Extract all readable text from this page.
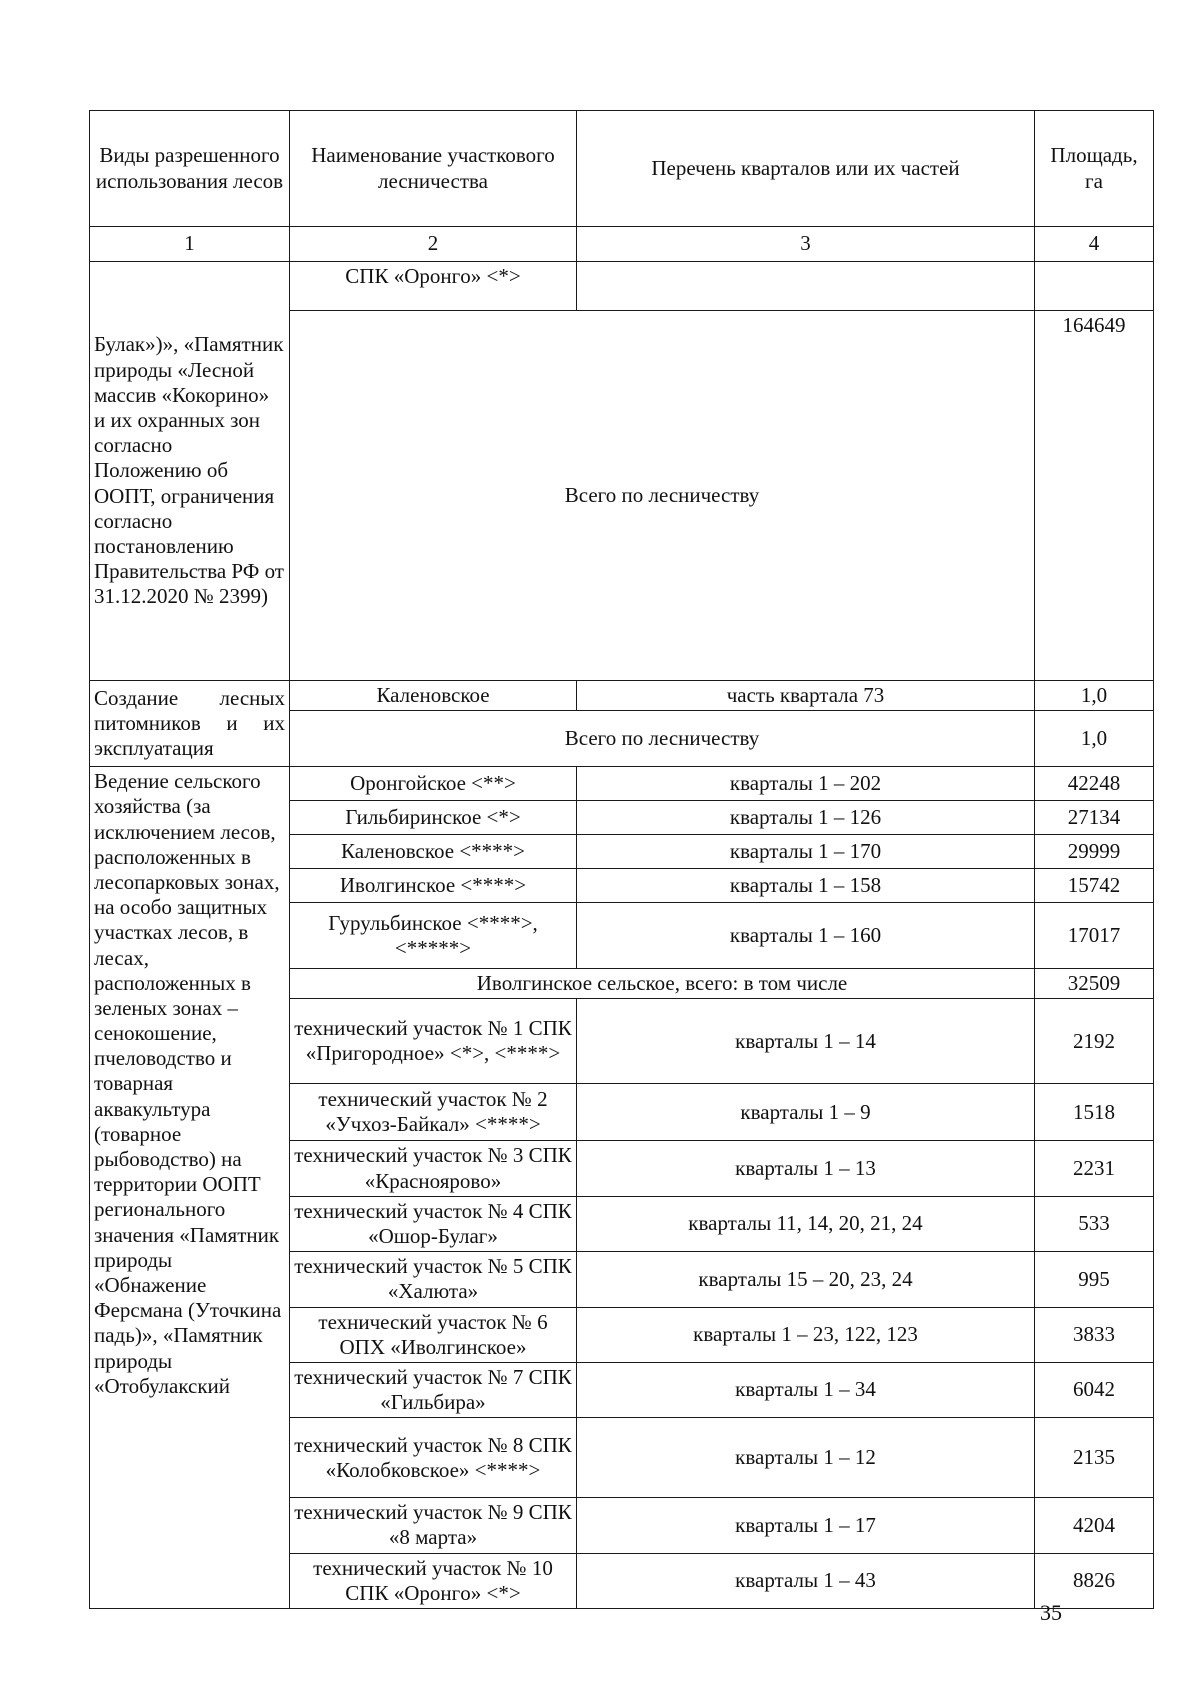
Виды разрешенного использования лесов	Наименование участкового лесничества	Перечень кварталов или их частей	Площадь, га
1	2	3	4
Булак»)», «Памятник природы «Лесной массив «Кокорино» и их охранных зон согласно Положению об ООПТ, ограничения согласно постановлению Правительства РФ от 31.12.2020 № 2399)	СПК «Оронгo» <*>		
	Всего по лесничеству		164649
Создание лесных питомников и их эксплуатация	Каленовское	часть квартала 73	1,0
	Всего по лесничеству		1,0
Ведение сельского хозяйства (за исключением лесов, расположенных в лесопарковых зонах, на особо защитных участках лесов, в лесах, расположенных в зеленых зонах – сенокошение, пчеловодство и товарная аквакультура (товарное рыбоводство) на территории ООПТ регионального значения «Памятник природы «Обнажение Ферсмана (Уточкина падь)», «Памятник природы «Отобулакский	Оронгойское <**>	кварталы 1 – 202	42248
	Гильбиринское <*>	кварталы 1 – 126	27134
	Каленовское <****>	кварталы 1 – 170	29999
	Иволгинское <****>	кварталы 1 – 158	15742
	Гурульбинское <****>, <*****>	кварталы 1 – 160	17017
	Иволгинское сельское, всего: в том числе		32509
	технический участок № 1 СПК «Пригородное» <*>, <****>	кварталы 1 – 14	2192
	технический участок № 2 «Учхоз-Байкал» <****>	кварталы 1 – 9	1518
	технический участок № 3 СПК «Красноярово»	кварталы 1 – 13	2231
	технический участок № 4 СПК «Ошор-Булаг»	кварталы 11, 14, 20, 21, 24	533
	технический участок № 5 СПК «Халюта»	кварталы 15 – 20, 23, 24	995
	технический участок № 6 ОПХ «Иволгинское»	кварталы 1 – 23, 122, 123	3833
	технический участок № 7 СПК «Гильбира»	кварталы 1 – 34	6042
	технический участок № 8 СПК «Колобковское» <****>	кварталы 1 – 12	2135
	технический участок № 9 СПК «8 марта»	кварталы 1 – 17	4204
	технический участок № 10 СПК «Оронгo» <*>	кварталы 1 – 43	8826
35
